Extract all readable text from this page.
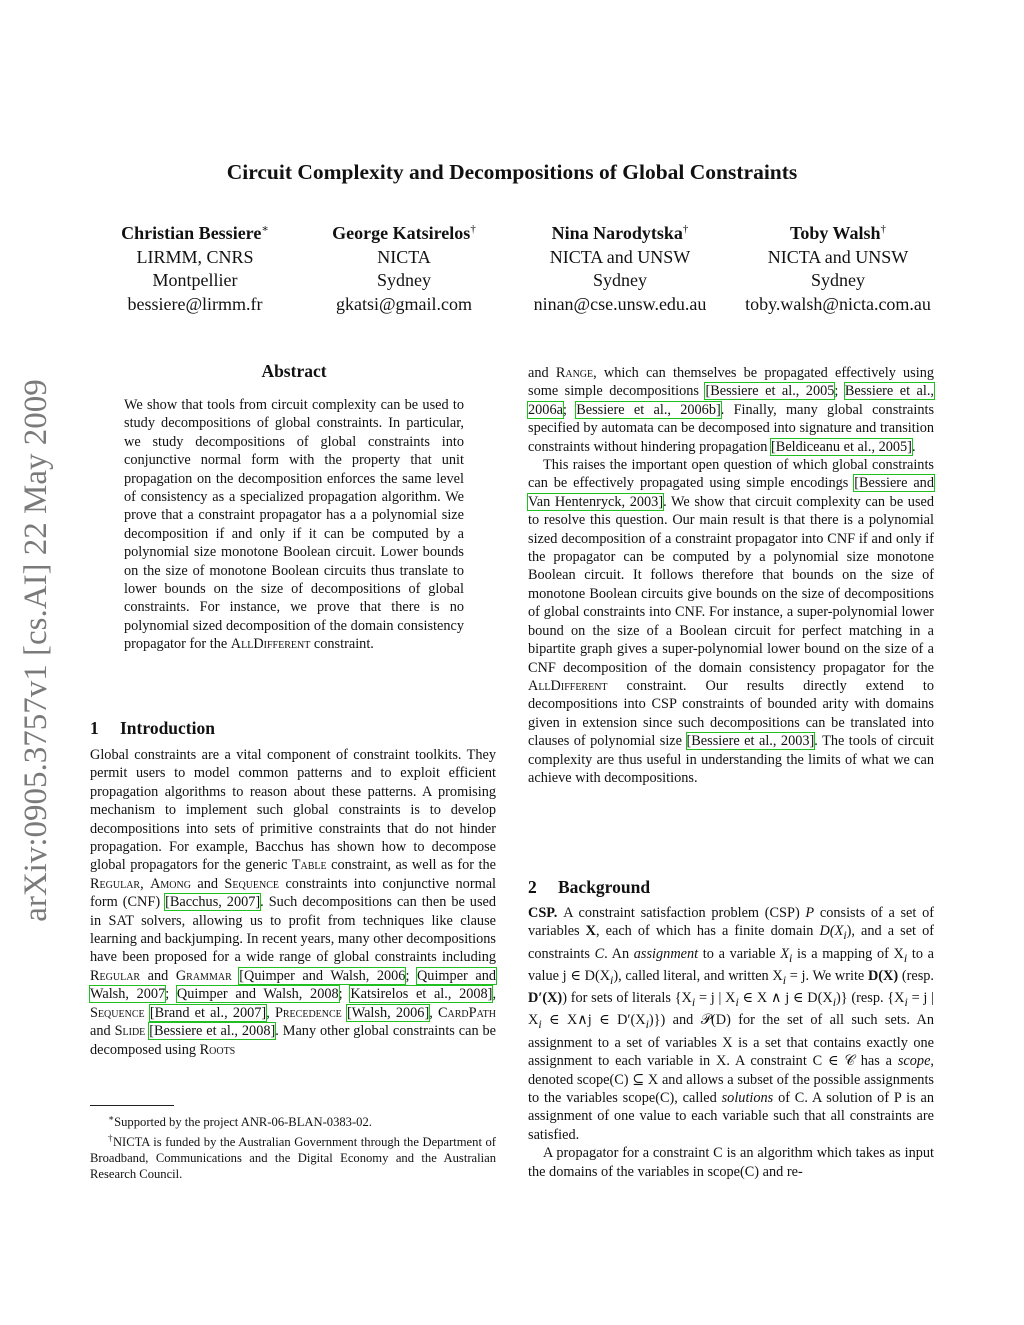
arXiv:0905.3757v1 [cs.AI] 22 May 2009
Circuit Complexity and Decompositions of Global Constraints
Christian Bessiere∗
LIRMM, CNRS
Montpellier
bessiere@lirmm.fr
George Katsirelos†
NICTA
Sydney
gkatsi@gmail.com
Nina Narodytska†
NICTA and UNSW
Sydney
ninan@cse.unsw.edu.au
Toby Walsh†
NICTA and UNSW
Sydney
toby.walsh@nicta.com.au
Abstract
We show that tools from circuit complexity can be used to study decompositions of global constraints. In particular, we study decompositions of global constraints into conjunctive normal form with the property that unit propagation on the decomposition enforces the same level of consistency as a specialized propagation algorithm. We prove that a constraint propagator has a a polynomial size decomposition if and only if it can be computed by a polynomial size monotone Boolean circuit. Lower bounds on the size of monotone Boolean circuits thus translate to lower bounds on the size of decompositions of global constraints. For instance, we prove that there is no polynomial sized decomposition of the domain consistency propagator for the AllDifferent constraint.
1 Introduction

Global constraints are a vital component of constraint toolkits. They permit users to model common patterns and to exploit efficient propagation algorithms to reason about these patterns. A promising mechanism to implement such global constraints is to develop decompositions into sets of primitive constraints that do not hinder propagation. For example, Bacchus has shown how to decompose global propagators for the generic Table constraint, as well as for the Regular, Among and Sequence constraints into conjunctive normal form (CNF) [Bacchus, 2007]. Such decompositions can then be used in SAT solvers, allowing us to profit from techniques like clause learning and backjumping. In recent years, many other decompositions have been proposed for a wide range of global constraints including Regular and Grammar [Quimper and Walsh, 2006; Quimper and Walsh, 2007; Quimper and Walsh, 2008; Katsirelos et al., 2008], Sequence [Brand et al., 2007], Precedence [Walsh, 2006], CardPath and Slide [Bessiere et al., 2008]. Many other global constraints can be decomposed using Roots

∗Supported by the project ANR-06-BLAN-0383-02.

†NICTA is funded by the Australian Government through the Department of Broadband, Communications and the Digital Economy and the Australian Research Council.

and Range, which can themselves be propagated effectively using some simple decompositions [Bessiere et al., 2005; Bessiere et al., 2006a; Bessiere et al., 2006b]. Finally, many global constraints specified by automata can be decomposed into signature and transition constraints without hindering propagation [Beldiceanu et al., 2005].

This raises the important open question of which global constraints can be effectively propagated using simple encodings [Bessiere and Van Hentenryck, 2003]. We show that circuit complexity can be used to resolve this question. Our main result is that there is a polynomial sized decomposition of a constraint propagator into CNF if and only if the propagator can be computed by a polynomial size monotone Boolean circuit. It follows therefore that bounds on the size of monotone Boolean circuits give bounds on the size of decompositions of global constraints into CNF. For instance, a super-polynomial lower bound on the size of a Boolean circuit for perfect matching in a bipartite graph gives a super-polynomial lower bound on the size of a CNF decomposition of the domain consistency propagator for the AllDifferent constraint. Our results directly extend to decompositions into CSP constraints of bounded arity with domains given in extension since such decompositions can be translated into clauses of polynomial size [Bessiere et al., 2003]. The tools of circuit complexity are thus useful in understanding the limits of what we can achieve with decompositions.

2 Background

CSP. A constraint satisfaction problem (CSP) P consists of a set of variables X, each of which has a finite domain $D(X_i)$, and a set of constraints C. An assignment to a variable $X_i$ is a mapping of $X_i$ to a value j ∈ $D(X_i)$, called literal, and written $X_i = j$. We write D(X) (resp. D′(X)) for sets of literals {$X_i = j$ | $X_i$ ∈ X ∧ j ∈ $D(X_i)$} (resp. {$X_i = j$ | $X_i$ ∈ X∧j ∈ $D'(X_i)$}) and 𝒫(D) for the set of all such sets. An assignment to a set of variables X is a set that contains exactly one assignment to each variable in X. A constraint C ∈ 𝒞 has a scope, denoted scope(C) ⊆ X and allows a subset of the possible assignments to the variables scope(C), called solutions of C. A solution of P is an assignment of one value to each variable such that all constraints are satisfied.

A propagator for a constraint C is an algorithm which takes as input the domains of the variables in scope(C) and re-
